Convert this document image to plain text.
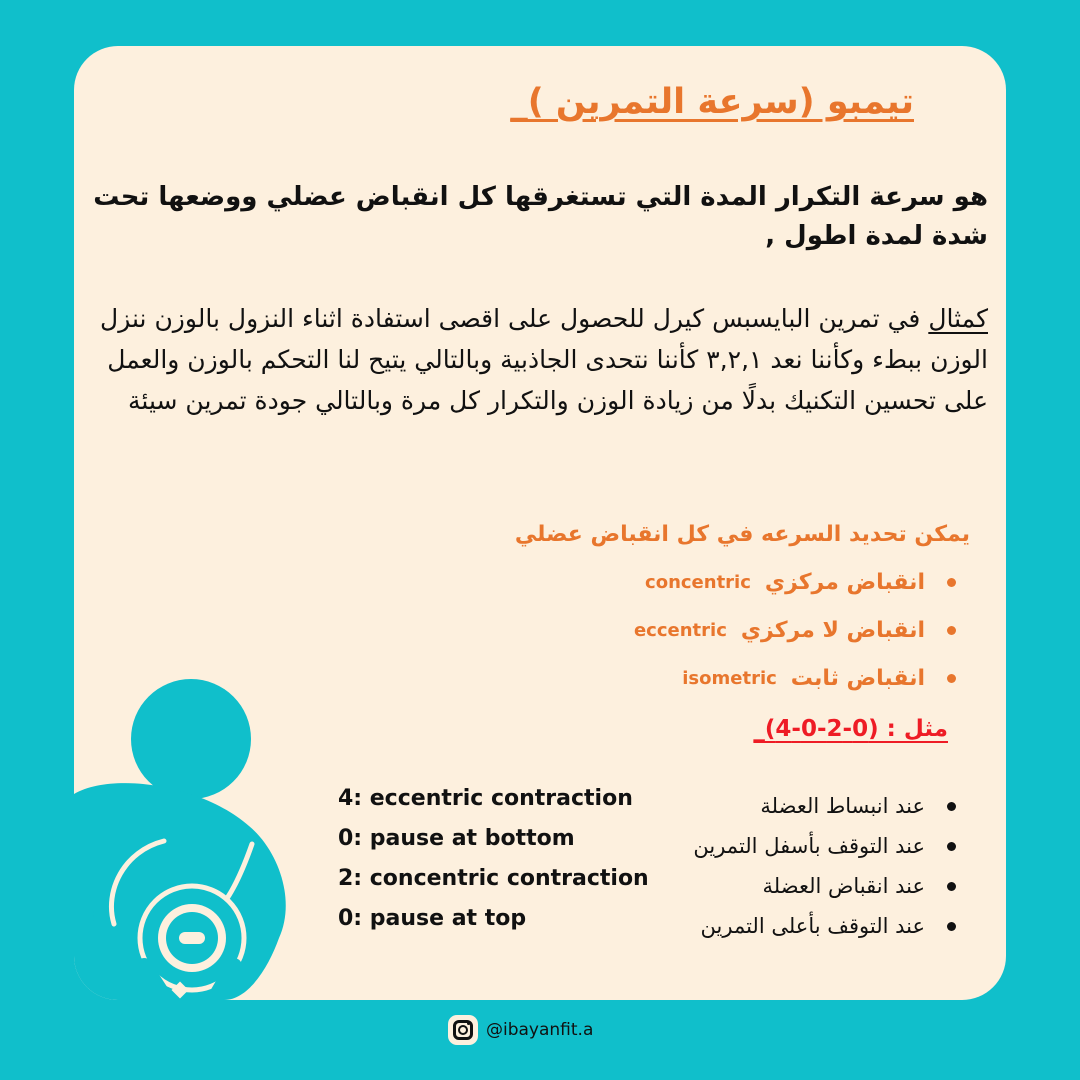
تيمبو (سرعة التمرين )_
هو سرعة التكرار المدة التي تستغرقها كل انقباض عضلي ووضعها تحت شدة لمدة اطول ,
كمثال في تمرين البايسبس كيرل للحصول على اقصى استفادة اثناء النزول بالوزن ننزل الوزن ببطء وكأننا نعد ٣,٢,١ كأننا نتحدى الجاذبية وبالتالي يتيح لنا التحكم بالوزن والعمل على تحسين التكنيك بدلًا من زيادة الوزن والتكرار كل مرة وبالتالي جودة تمرين سيئة
يمكن تحديد السرعه في كل انقباض عضلي
انقباض مركزي
concentric
انقباض لا مركزي
eccentric
انقباض ثابت
isometric
مثل : (0-2-0-4)_
عند انبساط العضلة
عند التوقف بأسفل التمرين
عند انقباض العضلة
عند التوقف بأعلى التمرين
4: eccentric contraction
0: pause at bottom
2: concentric contraction
0: pause at top
@ibayanfit.a
